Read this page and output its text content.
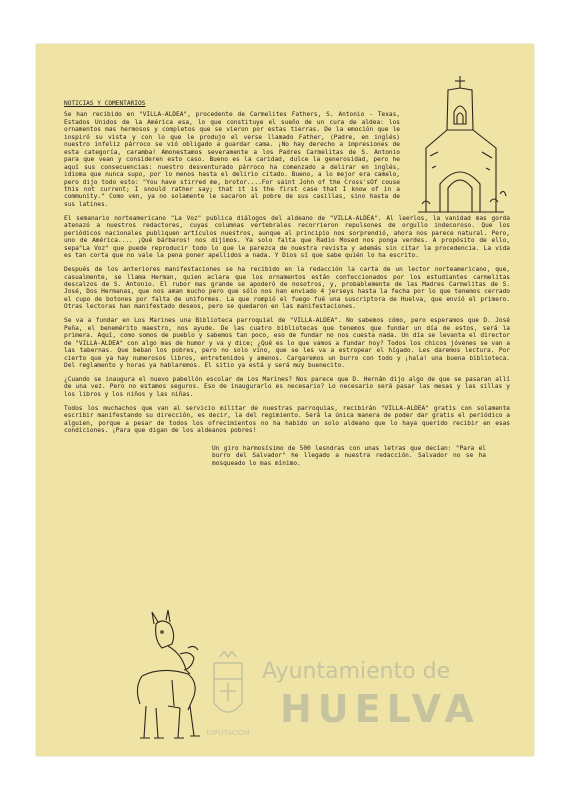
NOTICIAS Y COMENTARIOS

Se han recibido en "VILLA-ALDEA", procedente de Carmelites Fathers, S. Antonio - Texas, Estados Unidos de la América esa, lo que constituye el sueño de un cura de aldea: los ornamentos mas hermosos y completos que se vieron por estas tierras. De la emoción que le inspiró su vista y con lo que le produjo el verse llamado Father, (Padre, en inglés) nuestro infeliz párroco se vió obligado a guardar cama. ¡No hay derecho a impresiones de esta categoría, caramba! Amonestamos severamente a los Padres Carmelitas de S. Antonio para que vean y consideren esto caso. Bueno es la caridad, dulce la generosidad, pero he aquí sus consecuencias: nuestro desventurado párroco ha comenzado a delirar en inglés, idioma que nunca supo, por lo menos hasta el delirio citado. Bueno, a lo mejor era camelo, pero dijo todo esto: "You have stirred me, brotor....For saint John of the Cross'sOf couse this not current; I snould rather say; that it is the first case that I know of in a community." Como ven, ya no solamente le sacaron al pobre de sus casillas, sino hasta de sus latines.

El semanario norteamericano "La Voz" publica diálogos del aldeano de "VILLA-ALDEA". Al leerlos, la vanidad mas gorda atenazó a nuestros redactores, cuyas columnas vertebrales recorrieron repulsones de orgullo indecoroso. Que los periódicos nacionales publiquen artículos nuestros, aunque al principio nos sorprendió, ahora nos parece natural. Pero, uno de América.... ¡Qué bárbaros! nos dijimos. Ya solo falta que Radio Mosed nos ponga verdes. A propósito de ello, sepa"La Voz" que puede reproducir todo lo que le parezca de nuestra revista y además sin citar la procedencia. La vida es tan corta que no vale la pena poner apellidos a nada. Y Dios sí que sabe quién lo ha escrito.

Después de los anteriores manifestaciones se ha recibido en la redacción la carta de un lector norteamericano, que, casualmente, se llama Herman, quien aclara que los ornamentos están confeccionados por los estudiantes carmelitas descalzos de S. Antonio. El rubor mas grande se apoderó de nosotros, y, probablemente de las Madres Carmelitas de S. José, Dos Hermanas, que nos aman mucho pero que sólo nos han enviado 4 jerseys hasta la fecha por lo que tenemos cerrado el cupo de botones por falta de uniformes. La que rompió el fuego fué una suscriptora de Huelva, que envió el primero. Otras lectoras han manifestado deseos, pero se quedaron en las manifestaciones.

Se va a fundar en Los Marines una Biblioteca parroquial de "VILLA-ALDEA". No sabemos cómo, pero esperamos que D. José Peña, el benemérito maestro, nos ayude. De las cuatro bibliotecas que tenemos que fundar un día de estos, será la primera. Aquí, como somos de pueblo y sabemos tan poco, eso de fundar no nos cuesta nada. Un día se levanta el director de "VILLA-ALDEA" con algo mas de humor y va y dice; ¿Qué es lo que vamos a fundar hoy? Todos los chicos jóvenes se van a las tabernas. Que beban los pobres, pero no solo vino, que se les va a estropear el hígado. Les daremos lectura. Por cierto que ya hay numerosos libros, entretenidos y amenos. Cargaremos un burro con todo y ¡hala! una buena biblioteca. Del reglamento y horas ya hablaremos. El sitio ya está y será muy buenecito.

¿Cuando se inaugura el nuevo pabellón escolar de Los Marines? Nos parece que D. Hernán dijo algo de que se pasaran allí de una vez. Pero no estamos seguros. Eso de inaugurarlo es necesario? Lo necesario será pasar las mesas y las sillas y los libros y los niños y las niñas.

Todos los muchachos que van al servicio militar de nuestras parroquias, recibirán "VILLA-ALDEA" gratis con solamente escribir manifestando su dirección, es decir, la del regimiento. Será la única manera de poder dar gratis el periódico a alguien, porque a pesar de todos los ofrecimientos no ha habido un solo aldeano que lo haya querido recibir en esas condiciones. ¡Para que digan de los aldeanos pobres!

Un giro harmosísimo de 500 lesndras con unas letras que decían: "Para el burro del Salvador" he llegado a nuestra redacción. Salvador no se ha mosqueado lo mas mínimo.

DIPUTACION
Ayuntamiento de
HUELVA
